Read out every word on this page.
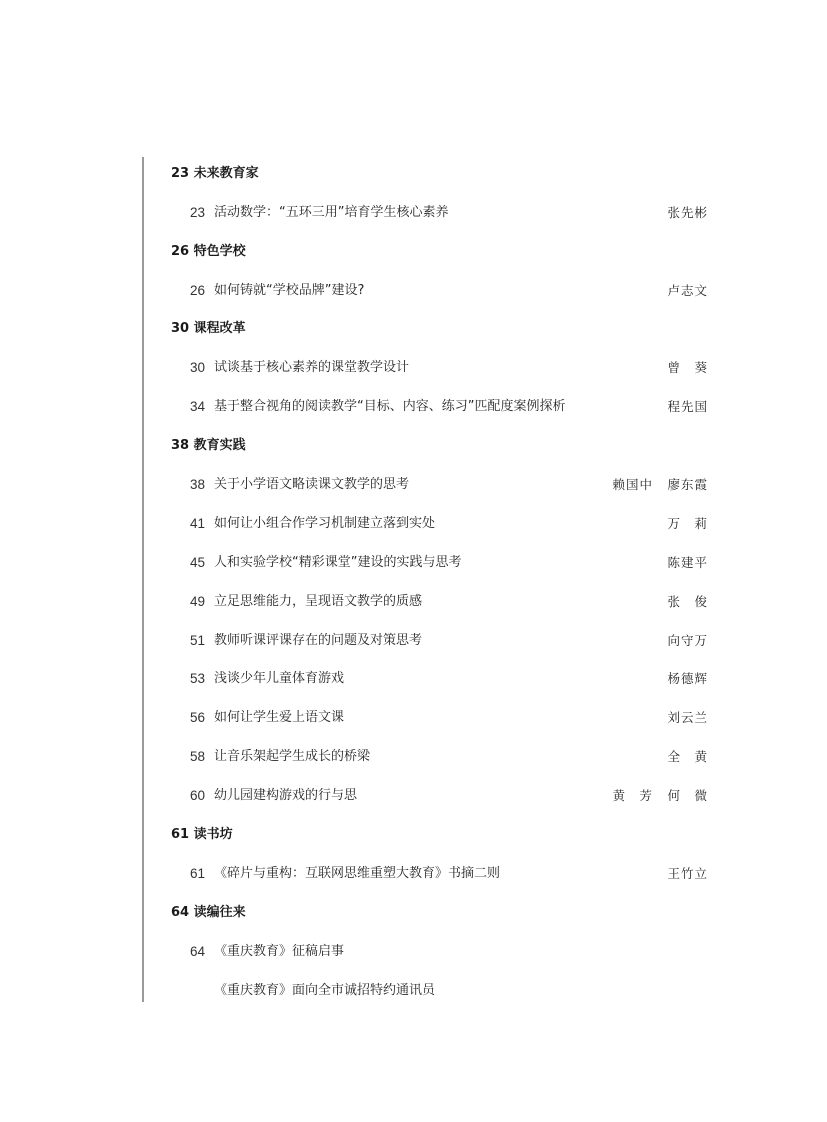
23 未来教育家
23 活动数学：“五环三用”培育学生核心素养	张先彬
26 特色学校
26 如何铸就“学校品牌”建设?	卢志文
30 课程改革
30 试谈基于核心素养的课堂教学设计	曾　葵
34 基于整合视角的阅读教学“目标、内容、练习”匹配度案例探析	程先国
38 教育实践
38 关于小学语文略读课文教学的思考	赖国中 廖东霞
41 如何让小组合作学习机制建立落到实处	万　莉
45 人和实验学校“精彩课堂”建设的实践与思考	陈建平
49 立足思维能力，呈现语文教学的质感	张　俊
51 教师听课评课存在的问题及对策思考	向守万
53 浅谈少年儿童体育游戏	杨德辉
56 如何让学生爱上语文课	刘云兰
58 让音乐架起学生成长的桥梁	全　黄
60 幼儿园建构游戏的行与思	黄　芳 何　微
61 读书坊
61 《碎片与重构：互联网思维重塑大教育》书摘二则	王竹立
64 读编往来
64 《重庆教育》征稿启事
《重庆教育》面向全市诚招特约通讯员
